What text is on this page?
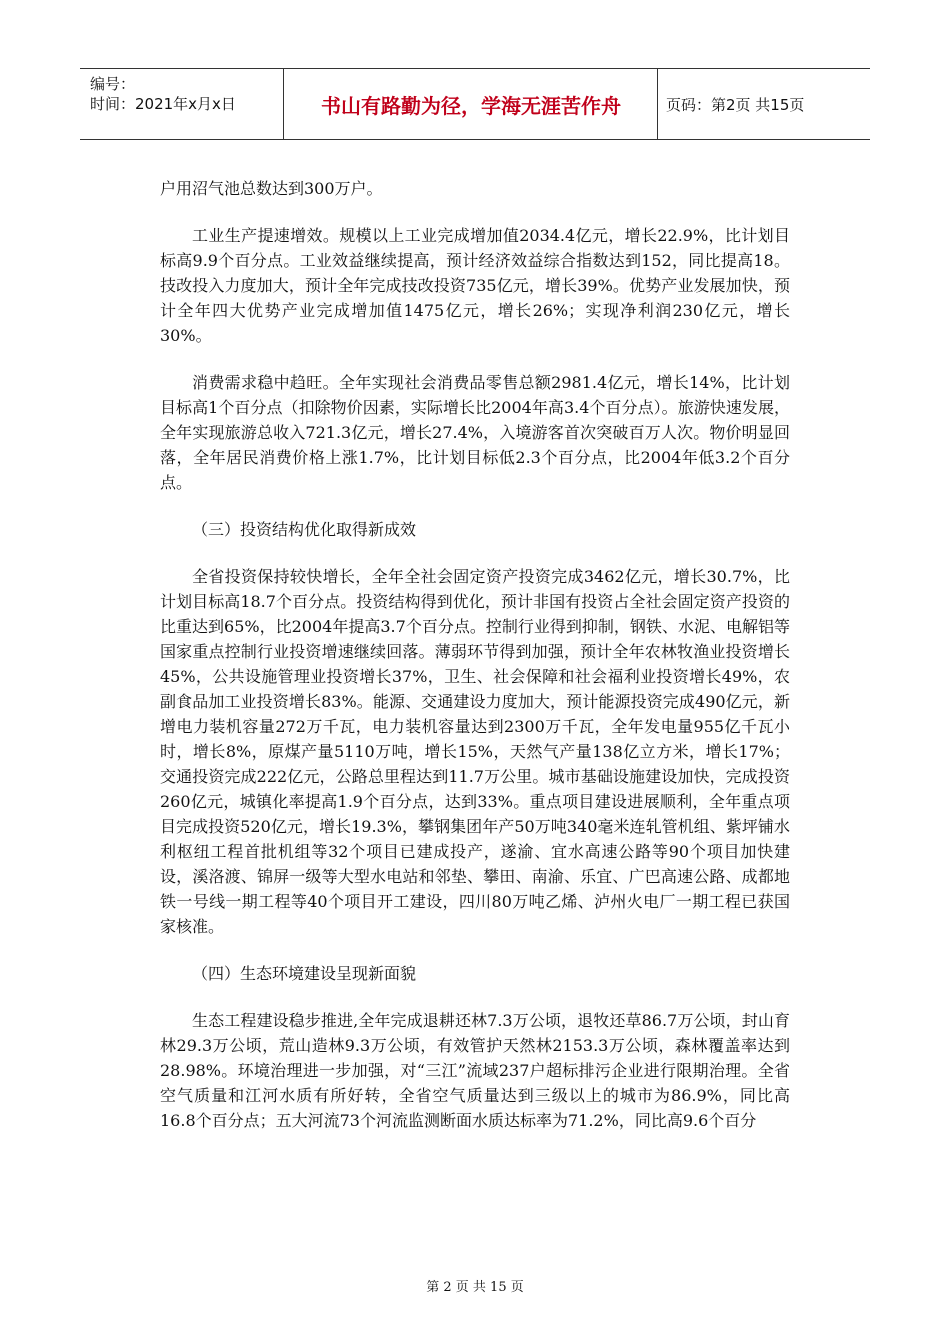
编号：
时间：2021年x月x日	书山有路勤为径，学海无涯苦作舟	页码：第2页 共15页

户用沼气池总数达到300万户。

工业生产提速增效。规模以上工业完成增加值2034.4亿元，增长22.9%，比计划目标高9.9个百分点。工业效益继续提高，预计经济效益综合指数达到152，同比提高18。技改投入力度加大，预计全年完成技改投资735亿元，增长39%。优势产业发展加快，预计全年四大优势产业完成增加值1475亿元，增长26%；实现净利润230亿元，增长30%。

消费需求稳中趋旺。全年实现社会消费品零售总额2981.4亿元，增长14%，比计划目标高1个百分点（扣除物价因素，实际增长比2004年高3.4个百分点）。旅游快速发展，全年实现旅游总收入721.3亿元，增长27.4%，入境游客首次突破百万人次。物价明显回落，全年居民消费价格上涨1.7%，比计划目标低2.3个百分点，比2004年低3.2个百分点。

（三）投资结构优化取得新成效

全省投资保持较快增长，全年全社会固定资产投资完成3462亿元，增长30.7%，比计划目标高18.7个百分点。投资结构得到优化，预计非国有投资占全社会固定资产投资的比重达到65%，比2004年提高3.7个百分点。控制行业得到抑制，钢铁、水泥、电解铝等国家重点控制行业投资增速继续回落。薄弱环节得到加强，预计全年农林牧渔业投资增长45%，公共设施管理业投资增长37%，卫生、社会保障和社会福利业投资增长49%，农副食品加工业投资增长83%。能源、交通建设力度加大，预计能源投资完成490亿元，新增电力装机容量272万千瓦，电力装机容量达到2300万千瓦，全年发电量955亿千瓦小时，增长8%，原煤产量5110万吨，增长15%，天然气产量138亿立方米，增长17%；交通投资完成222亿元，公路总里程达到11.7万公里。城市基础设施建设加快，完成投资260亿元，城镇化率提高1.9个百分点，达到33%。重点项目建设进展顺利，全年重点项目完成投资520亿元，增长19.3%，攀钢集团年产50万吨340毫米连轧管机组、紫坪铺水利枢纽工程首批机组等32个项目已建成投产，遂渝、宜水高速公路等90个项目加快建设，溪洛渡、锦屏一级等大型水电站和邻垫、攀田、南渝、乐宜、广巴高速公路、成都地铁一号线一期工程等40个项目开工建设，四川80万吨乙烯、泸州火电厂一期工程已获国家核准。

（四）生态环境建设呈现新面貌

生态工程建设稳步推进,全年完成退耕还林7.3万公顷，退牧还草86.7万公顷，封山育林29.3万公顷，荒山造林9.3万公顷，有效管护天然林2153.3万公顷，森林覆盖率达到28.98%。环境治理进一步加强，对“三江”流域237户超标排污企业进行限期治理。全省空气质量和江河水质有所好转，全省空气质量达到三级以上的城市为86.9%，同比高16.8个百分点；五大河流73个河流监测断面水质达标率为71.2%，同比高9.6个百分

第 2 页 共 15 页
